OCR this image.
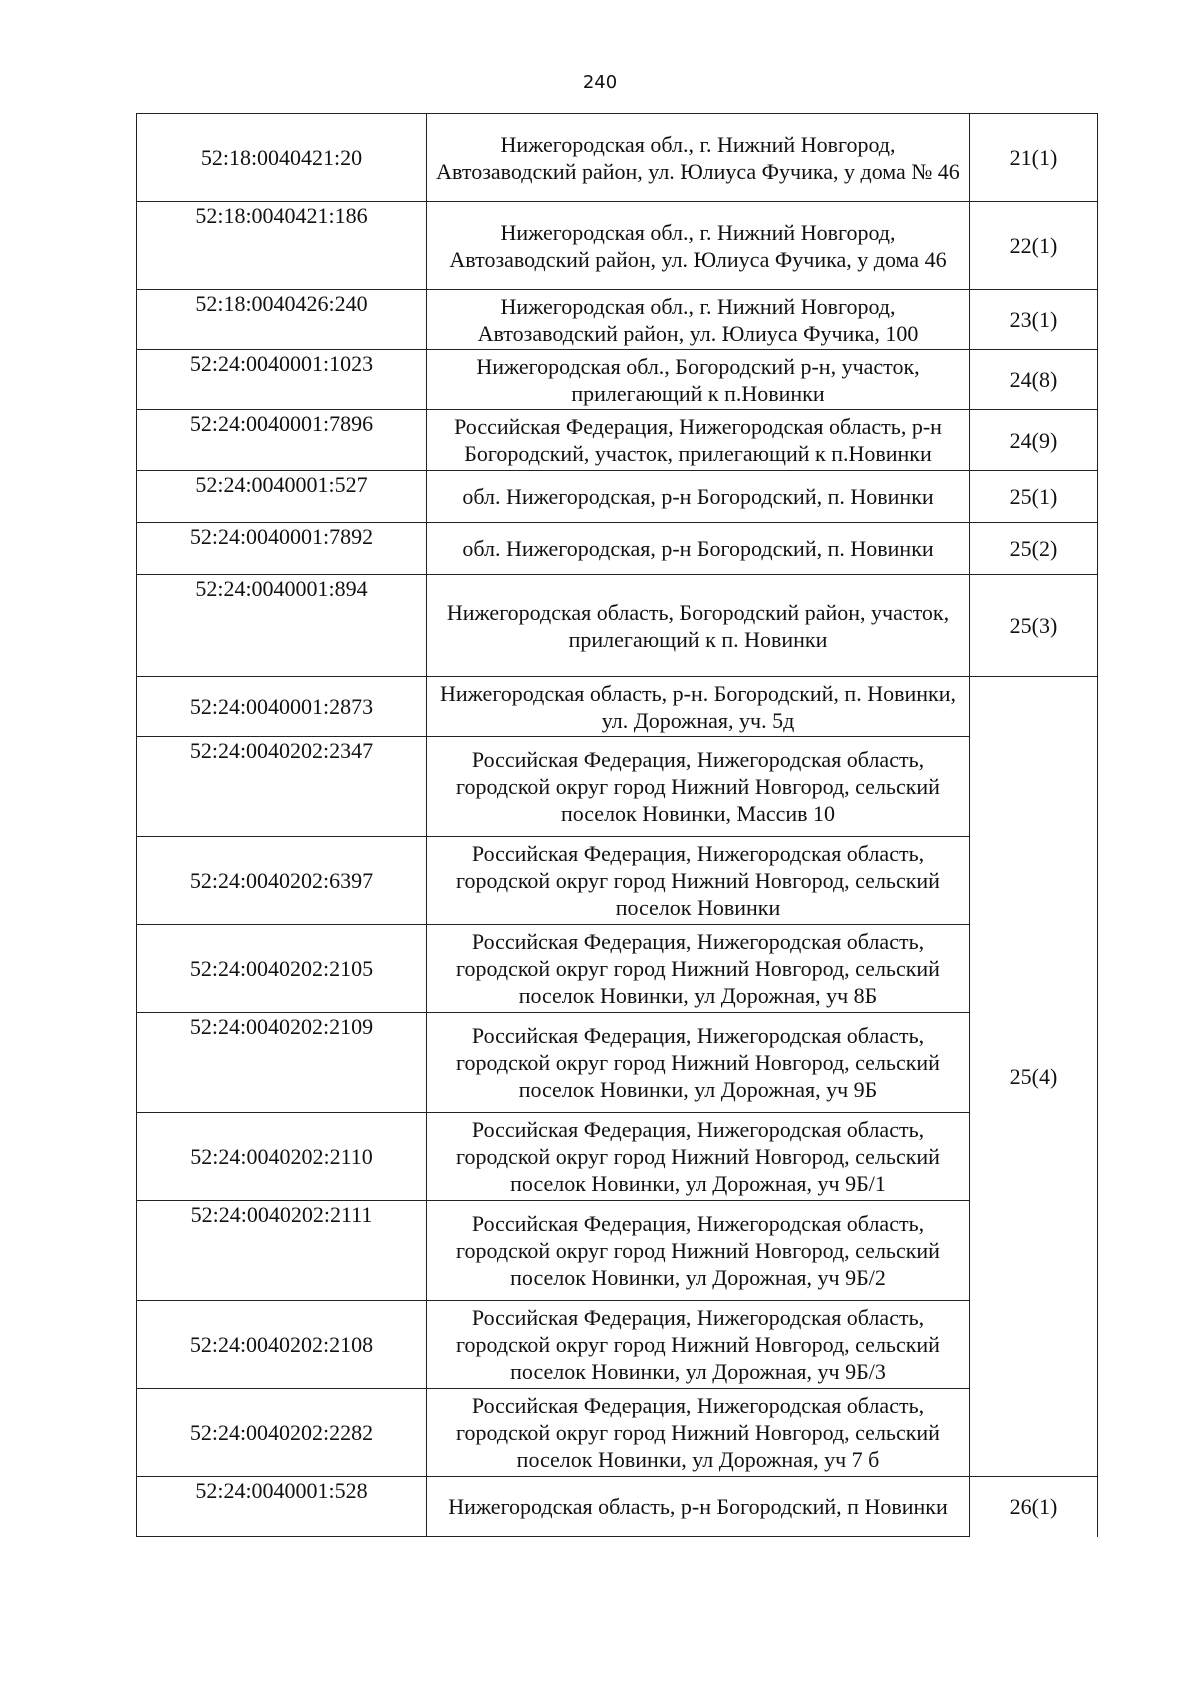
240
52:18:0040421:20	Нижегородская обл., г. Нижний Новгород, Автозаводский район, ул. Юлиуса Фучика, у дома № 46	21(1)
52:18:0040421:186	Нижегородская обл., г. Нижний Новгород, Автозаводский район, ул. Юлиуса Фучика, у дома 46	22(1)
52:18:0040426:240	Нижегородская обл., г. Нижний Новгород, Автозаводский район, ул. Юлиуса Фучика, 100	23(1)
52:24:0040001:1023	Нижегородская обл., Богородский р-н, участок, прилегающий к п.Новинки	24(8)
52:24:0040001:7896	Российская Федерация, Нижегородская область, р-н Богородский, участок, прилегающий к п.Новинки	24(9)
52:24:0040001:527	обл. Нижегородская, р-н Богородский, п. Новинки	25(1)
52:24:0040001:7892	обл. Нижегородская, р-н Богородский, п. Новинки	25(2)
52:24:0040001:894	Нижегородская область, Богородский район, участок, прилегающий к п. Новинки	25(3)
52:24:0040001:2873	Нижегородская область, р-н. Богородский, п. Новинки, ул. Дорожная, уч. 5д	25(4)
52:24:0040202:2347	Российская Федерация, Нижегородская область, городской округ город Нижний Новгород, сельский поселок Новинки, Массив 10	
52:24:0040202:6397	Российская Федерация, Нижегородская область, городской округ город Нижний Новгород, сельский поселок Новинки	
52:24:0040202:2105	Российская Федерация, Нижегородская область, городской округ город Нижний Новгород, сельский поселок Новинки, ул Дорожная, уч 8Б	
52:24:0040202:2109	Российская Федерация, Нижегородская область, городской округ город Нижний Новгород, сельский поселок Новинки, ул Дорожная, уч 9Б	
52:24:0040202:2110	Российская Федерация, Нижегородская область, городской округ город Нижний Новгород, сельский поселок Новинки, ул Дорожная, уч 9Б/1	
52:24:0040202:2111	Российская Федерация, Нижегородская область, городской округ город Нижний Новгород, сельский поселок Новинки, ул Дорожная, уч 9Б/2	
52:24:0040202:2108	Российская Федерация, Нижегородская область, городской округ город Нижний Новгород, сельский поселок Новинки, ул Дорожная, уч 9Б/3	
52:24:0040202:2282	Российская Федерация, Нижегородская область, городской округ город Нижний Новгород, сельский поселок Новинки, ул Дорожная, уч 7 б	
52:24:0040001:528	Нижегородская область, р-н Богородский, п Новинки	26(1)
